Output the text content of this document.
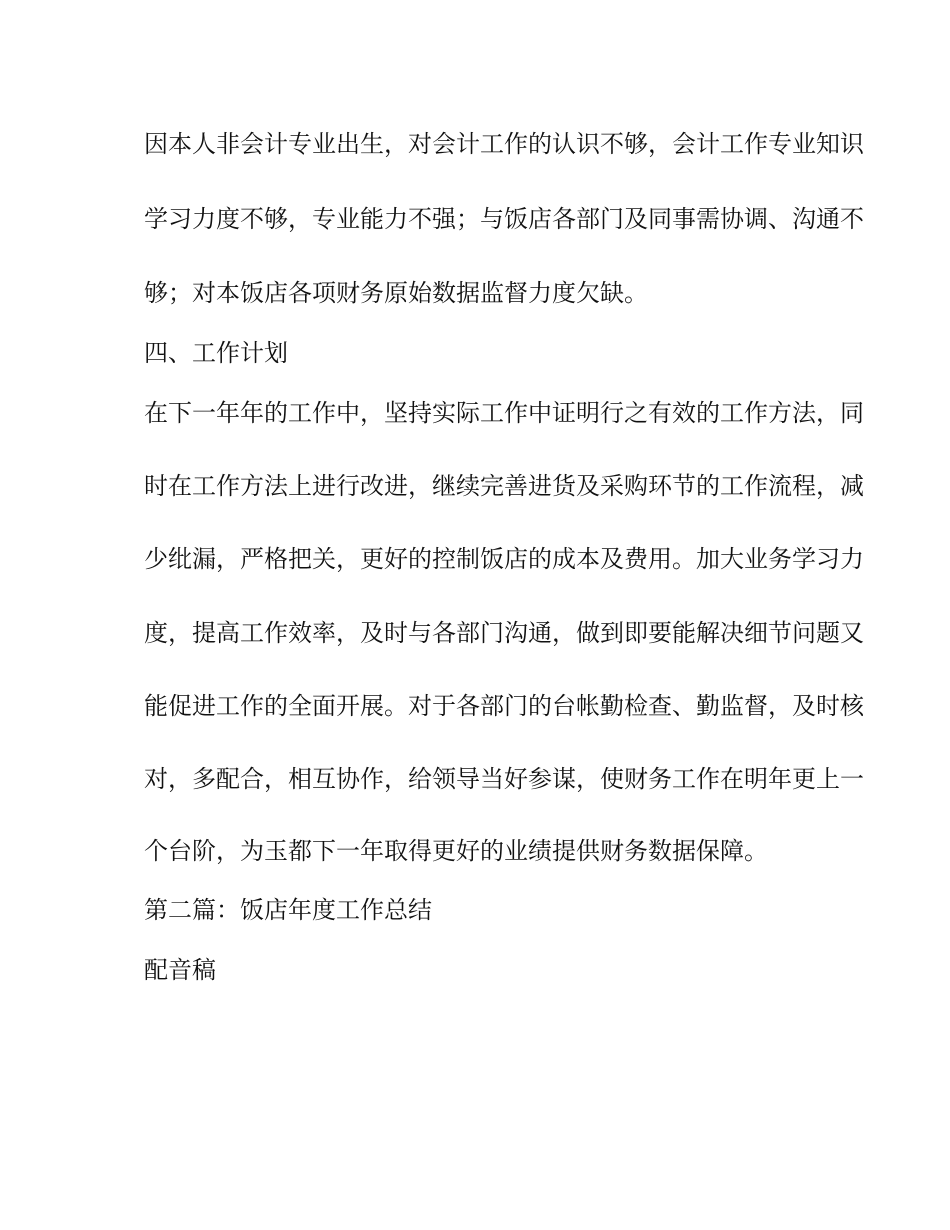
因本人非会计专业出生，对会计工作的认识不够，会计工作专业知识
学习力度不够，专业能力不强；与饭店各部门及同事需协调、沟通不
够；对本饭店各项财务原始数据监督力度欠缺。
四、工作计划
在下一年年的工作中，坚持实际工作中证明行之有效的工作方法，同
时在工作方法上进行改进，继续完善进货及采购环节的工作流程，减
少纰漏，严格把关，更好的控制饭店的成本及费用。加大业务学习力
度，提高工作效率，及时与各部门沟通，做到即要能解决细节问题又
能促进工作的全面开展。对于各部门的台帐勤检查、勤监督，及时核
对，多配合，相互协作，给领导当好参谋，使财务工作在明年更上一
个台阶，为玉都下一年取得更好的业绩提供财务数据保障。
第二篇：饭店年度工作总结
配音稿
